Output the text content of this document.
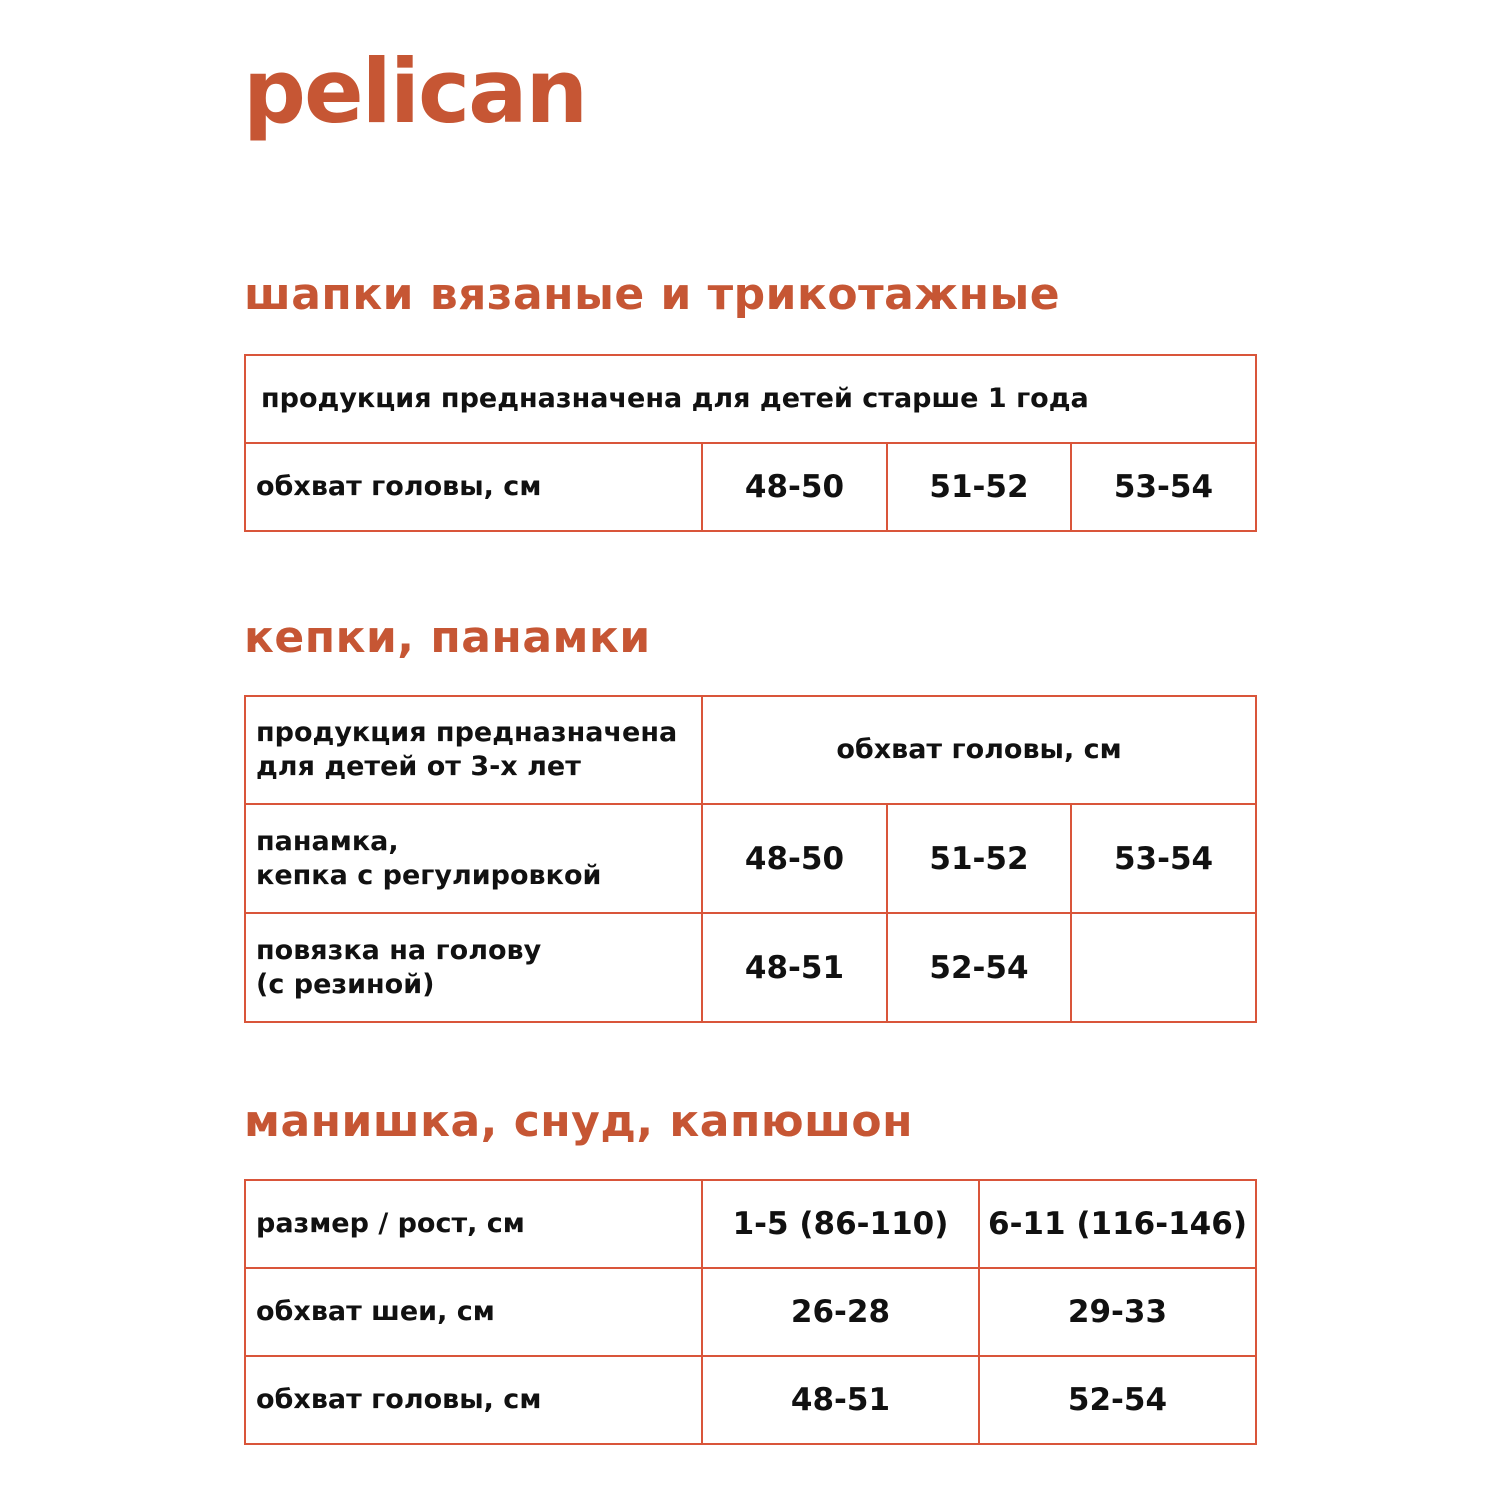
pelican
шапки вязаные и трикотажные
продукция предназначена для детей старше 1 года
обхват головы, см	48-50	51-52	53-54
кепки, панамки
продукция предназначена
для детей от 3-х лет	обхват головы, см		

панамка,
кепка с регулировкой	48-50	51-52	53-54

повязка на голову
(с резиной)	48-51	52-54	
манишка, снуд, капюшон
размер / рост, см	1-5 (86-110)	6-11 (116-146)
обхват шеи, см	26-28	29-33
обхват головы, см	48-51	52-54
